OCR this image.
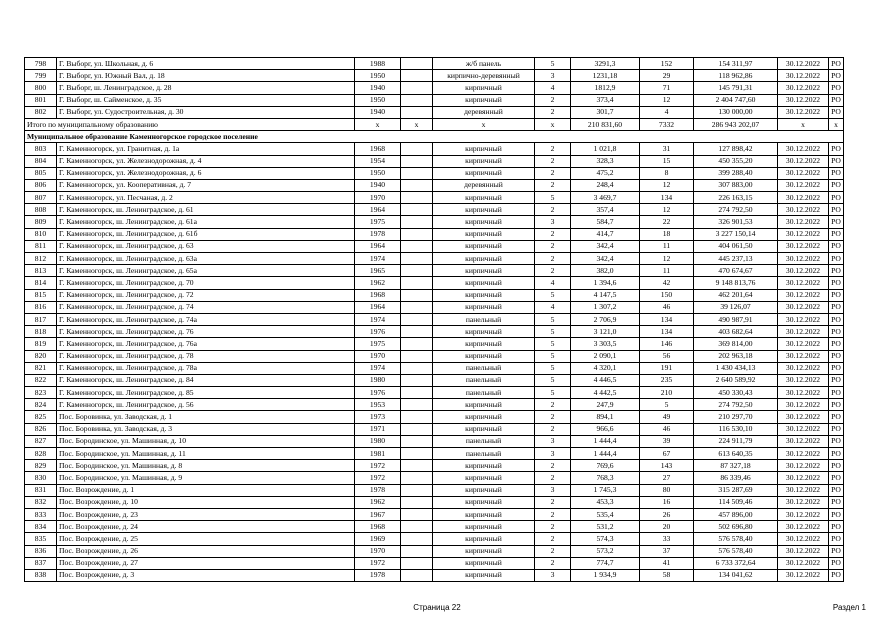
798	Г. Выборг, ул. Школьная, д. 6	1988		ж/б панель	5	3291,3	152	154 311,97	30.12.2022	РО
799	Г. Выборг, ул. Южный Вал, д. 18	1950		кирпично-деревянный	3	1231,18	29	118 962,86	30.12.2022	РО
800	Г. Выборг, ш. Ленинградское, д. 28	1940		кирпичный	4	1812,9	71	145 791,31	30.12.2022	РО
801	Г. Выборг, ш. Сайменское, д. 35	1950		кирпичный	2	373,4	12	2 404 747,60	30.12.2022	РО
802	Г. Выборг, ул. Судостроительная, д. 30	1940		деревянный	2	301,7	4	130 000,00	30.12.2022	РО
Итого по муниципальному образованию		х	х	х	х	210 831,60	7332	286 943 202,07	х	х
Муниципальное образование Каменногорское городское поселение										
803	Г. Каменногорск, ул. Гранитная, д. 1а	1968		кирпичный	2	1 021,8	31	127 898,42	30.12.2022	РО
804	Г. Каменногорск, ул. Железнодорожная, д. 4	1954		кирпичный	2	328,3	15	450 355,20	30.12.2022	РО
805	Г. Каменногорск, ул. Железнодорожная, д. 6	1950		кирпичный	2	475,2	8	399 288,40	30.12.2022	РО
806	Г. Каменногорск, ул. Кооперативная, д. 7	1940		деревянный	2	248,4	12	307 883,00	30.12.2022	РО
807	Г. Каменногорск, ул. Песчаная, д. 2	1970		кирпичный	5	3 469,7	134	226 163,15	30.12.2022	РО
808	Г. Каменногорск, ш. Ленинградское, д. 61	1964		кирпичный	2	357,4	12	274 792,50	30.12.2022	РО
809	Г. Каменногорск, ш. Ленинградское, д. 61а	1975		кирпичный	3	584,7	22	326 901,53	30.12.2022	РО
810	Г. Каменногорск, ш. Ленинградское, д. 61б	1978		кирпичный	2	414,7	18	3 227 150,14	30.12.2022	РО
811	Г. Каменногорск, ш. Ленинградское, д. 63	1964		кирпичный	2	342,4	11	404 061,50	30.12.2022	РО
812	Г. Каменногорск, ш. Ленинградское, д. 63а	1974		кирпичный	2	342,4	12	445 237,13	30.12.2022	РО
813	Г. Каменногорск, ш. Ленинградское, д. 65а	1965		кирпичный	2	382,0	11	470 674,67	30.12.2022	РО
814	Г. Каменногорск, ш. Ленинградское, д. 70	1962		кирпичный	4	1 394,6	42	9 148 813,76	30.12.2022	РО
815	Г. Каменногорск, ш. Ленинградское, д. 72	1968		кирпичный	5	4 147,5	150	462 201,64	30.12.2022	РО
816	Г. Каменногорск, ш. Ленинградское, д. 74	1964		кирпичный	4	1 307,2	46	39 126,07	30.12.2022	РО
817	Г. Каменногорск, ш. Ленинградское, д. 74а	1974		панельный	5	2 706,9	134	490 987,91	30.12.2022	РО
818	Г. Каменногорск, ш. Ленинградское, д. 76	1976		кирпичный	5	3 121,0	134	403 682,64	30.12.2022	РО
819	Г. Каменногорск, ш. Ленинградское, д. 76а	1975		кирпичный	5	3 303,5	146	369 814,00	30.12.2022	РО
820	Г. Каменногорск, ш. Ленинградское, д. 78	1970		кирпичный	5	2 090,1	56	202 963,18	30.12.2022	РО
821	Г. Каменногорск, ш. Ленинградское, д. 78а	1974		панельный	5	4 320,1	191	1 430 434,13	30.12.2022	РО
822	Г. Каменногорск, ш. Ленинградское, д. 84	1980		панельный	5	4 446,5	235	2 640 589,92	30.12.2022	РО
823	Г. Каменногорск, ш. Ленинградское, д. 85	1976		панельный	5	4 442,5	210	450 330,43	30.12.2022	РО
824	Г. Каменногорск, ш. Ленинградское, д. 56	1953		кирпичный	2	247,9	5	274 792,50	30.12.2022	РО
825	Пос. Боровинка, ул. Заводская, д. 1	1973		кирпичный	2	894,1	49	210 297,70	30.12.2022	РО
826	Пос. Боровинка, ул. Заводская, д. 3	1971		кирпичный	2	966,6	46	116 530,10	30.12.2022	РО
827	Пос. Бородинское, ул. Машинная, д. 10	1980		панельный	3	1 444,4	39	224 911,79	30.12.2022	РО
828	Пос. Бородинское, ул. Машинная, д. 11	1981		панельный	3	1 444,4	67	613 640,35	30.12.2022	РО
829	Пос. Бородинское, ул. Машинная, д. 8	1972		кирпичный	2	769,6	143	87 327,18	30.12.2022	РО
830	Пос. Бородинское, ул. Машинная, д. 9	1972		кирпичный	2	768,3	27	86 339,46	30.12.2022	РО
831	Пос. Возрождение, д. 1	1978		кирпичный	3	1 745,3	80	315 287,69	30.12.2022	РО
832	Пос. Возрождение, д. 10	1962		кирпичный	2	453,3	16	114 509,46	30.12.2022	РО
833	Пос. Возрождение, д. 23	1967		кирпичный	2	535,4	26	457 896,00	30.12.2022	РО
834	Пос. Возрождение, д. 24	1968		кирпичный	2	531,2	20	502 696,80	30.12.2022	РО
835	Пос. Возрождение, д. 25	1969		кирпичный	2	574,3	33	576 578,40	30.12.2022	РО
836	Пос. Возрождение, д. 26	1970		кирпичный	2	573,2	37	576 578,40	30.12.2022	РО
837	Пос. Возрождение, д. 27	1972		кирпичный	2	774,7	41	6 733 372,64	30.12.2022	РО
838	Пос. Возрождение, д. 3	1978		кирпичный	3	1 934,9	58	134 041,62	30.12.2022	РО
Страница 22	Раздел 1
